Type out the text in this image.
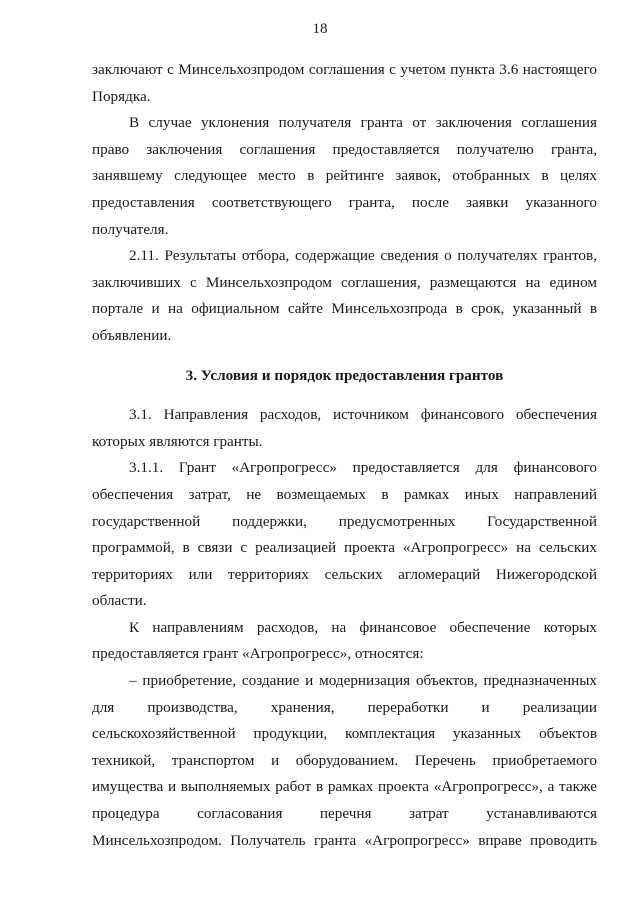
18
заключают с Минсельхозпродом соглашения с учетом пункта 3.6 настоящего
Порядка.
В случае уклонения получателя гранта от заключения соглашения
право заключения соглашения предоставляется получателю гранта,
занявшему следующее место в рейтинге заявок, отобранных в целях
предоставления соответствующего гранта, после заявки указанного
получателя.
2.11. Результаты отбора, содержащие сведения о получателях грантов,
заключивших с Минсельхозпродом соглашения, размещаются на едином
портале и на официальном сайте Минсельхозпрода в срок, указанный в
объявлении.
3. Условия и порядок предоставления грантов
3.1. Направления расходов, источником финансового обеспечения
которых являются гранты.
3.1.1. Грант «Агропрогресс» предоставляется для финансового
обеспечения затрат, не возмещаемых в рамках иных направлений
государственной поддержки, предусмотренных Государственной
программой, в связи с реализацией проекта «Агропрогресс» на сельских
территориях или территориях сельских агломераций Нижегородской
области.
К направлениям расходов, на финансовое обеспечение которых
предоставляется грант «Агропрогресс», относятся:
– приобретение, создание и модернизация объектов, предназначенных
для производства, хранения, переработки и реализации
сельскохозяйственной продукции, комплектация указанных объектов
техникой, транспортом и оборудованием. Перечень приобретаемого
имущества и выполняемых работ в рамках проекта «Агропрогресс», а также
процедура согласования перечня затрат устанавливаются
Минсельхозпродом. Получатель гранта «Агропрогресс» вправе проводить
